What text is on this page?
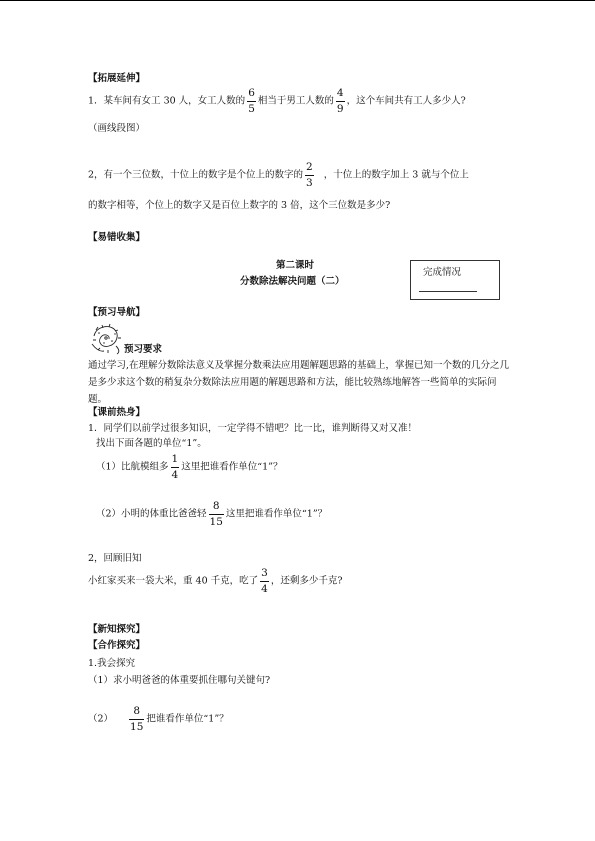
【拓展延伸】
1．某车间有女工 30 人，女工人数的 $\frac{6}{5}$ 相当于男工人数的 $\frac{4}{9}$ ，这个车间共有工人多少人?
（画线段图）
2，有一个三位数，十位上的数字是个位上的数字的 $\frac{2}{3}$ ，十位上的数字加上 3 就与个位上
的数字相等，个位上的数字又是百位上数字的 3 倍，这个三位数是多少?
【易错收集】
第二课时
分数除法解决问题（二）
完成情况
【预习导航】
预习要求
通过学习,在理解分数除法意义及掌握分数乘法应用题解题思路的基础上，掌握已知一个数的几分之几是多少求这个数的稍复杂分数除法应用题的解题思路和方法，能比较熟练地解答一些简单的实际问题。
【课前热身】
1．同学们以前学过很多知识，一定学得不错吧？比一比，谁判断得又对又准！
找出下面各题的单位“1”。
（1）比航模组多 $\frac{1}{4}$ 这里把谁看作单位“1”？
（2）小明的体重比爸爸轻 $\frac{8}{15}$ 这里把谁看作单位“1”？
2，回顾旧知
小红家买来一袋大米，重 40 千克，吃了 $\frac{3}{4}$ ，还剩多少千克?
【新知探究】
【合作探究】
1.我会探究
（1）求小明爸爸的体重要抓住哪句关键句?
$(2) \frac{8}{15}$ 把谁看作单位“1”？
